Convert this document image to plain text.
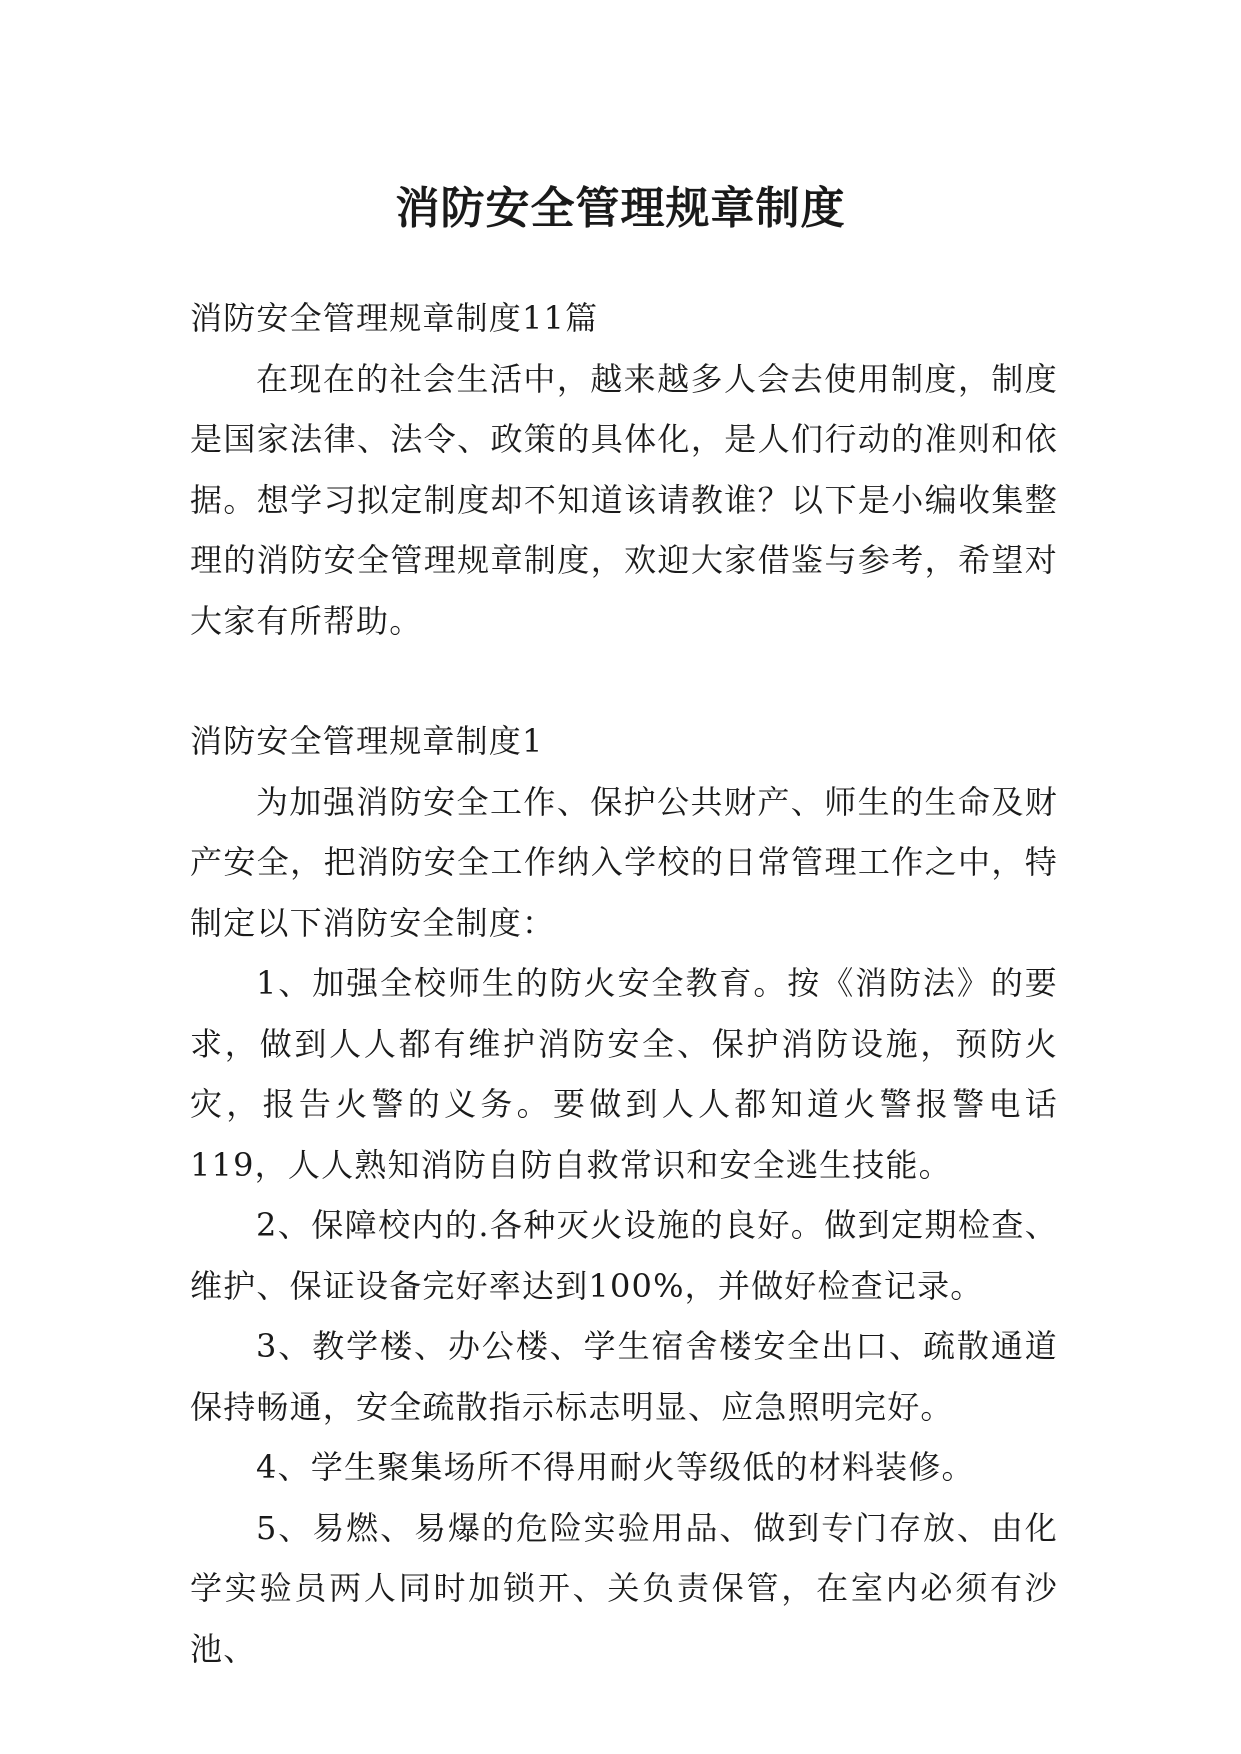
消防安全管理规章制度

消防安全管理规章制度11篇

在现在的社会生活中，越来越多人会去使用制度，制度是国家法律、法令、政策的具体化，是人们行动的准则和依据。想学习拟定制度却不知道该请教谁？以下是小编收集整理的消防安全管理规章制度，欢迎大家借鉴与参考，希望对大家有所帮助。

消防安全管理规章制度1

为加强消防安全工作、保护公共财产、师生的生命及财产安全，把消防安全工作纳入学校的日常管理工作之中，特制定以下消防安全制度：

1、加强全校师生的防火安全教育。按《消防法》的要求，做到人人都有维护消防安全、保护消防设施，预防火灾，报告火警的义务。要做到人人都知道火警报警电话119，人人熟知消防自防自救常识和安全逃生技能。

2、保障校内的.各种灭火设施的良好。做到定期检查、维护、保证设备完好率达到100%，并做好检查记录。

3、教学楼、办公楼、学生宿舍楼安全出口、疏散通道保持畅通，安全疏散指示标志明显、应急照明完好。

4、学生聚集场所不得用耐火等级低的材料装修。

5、易燃、易爆的危险实验用品、做到专门存放、由化学实验员两人同时加锁开、关负责保管，在室内必须有沙池、
